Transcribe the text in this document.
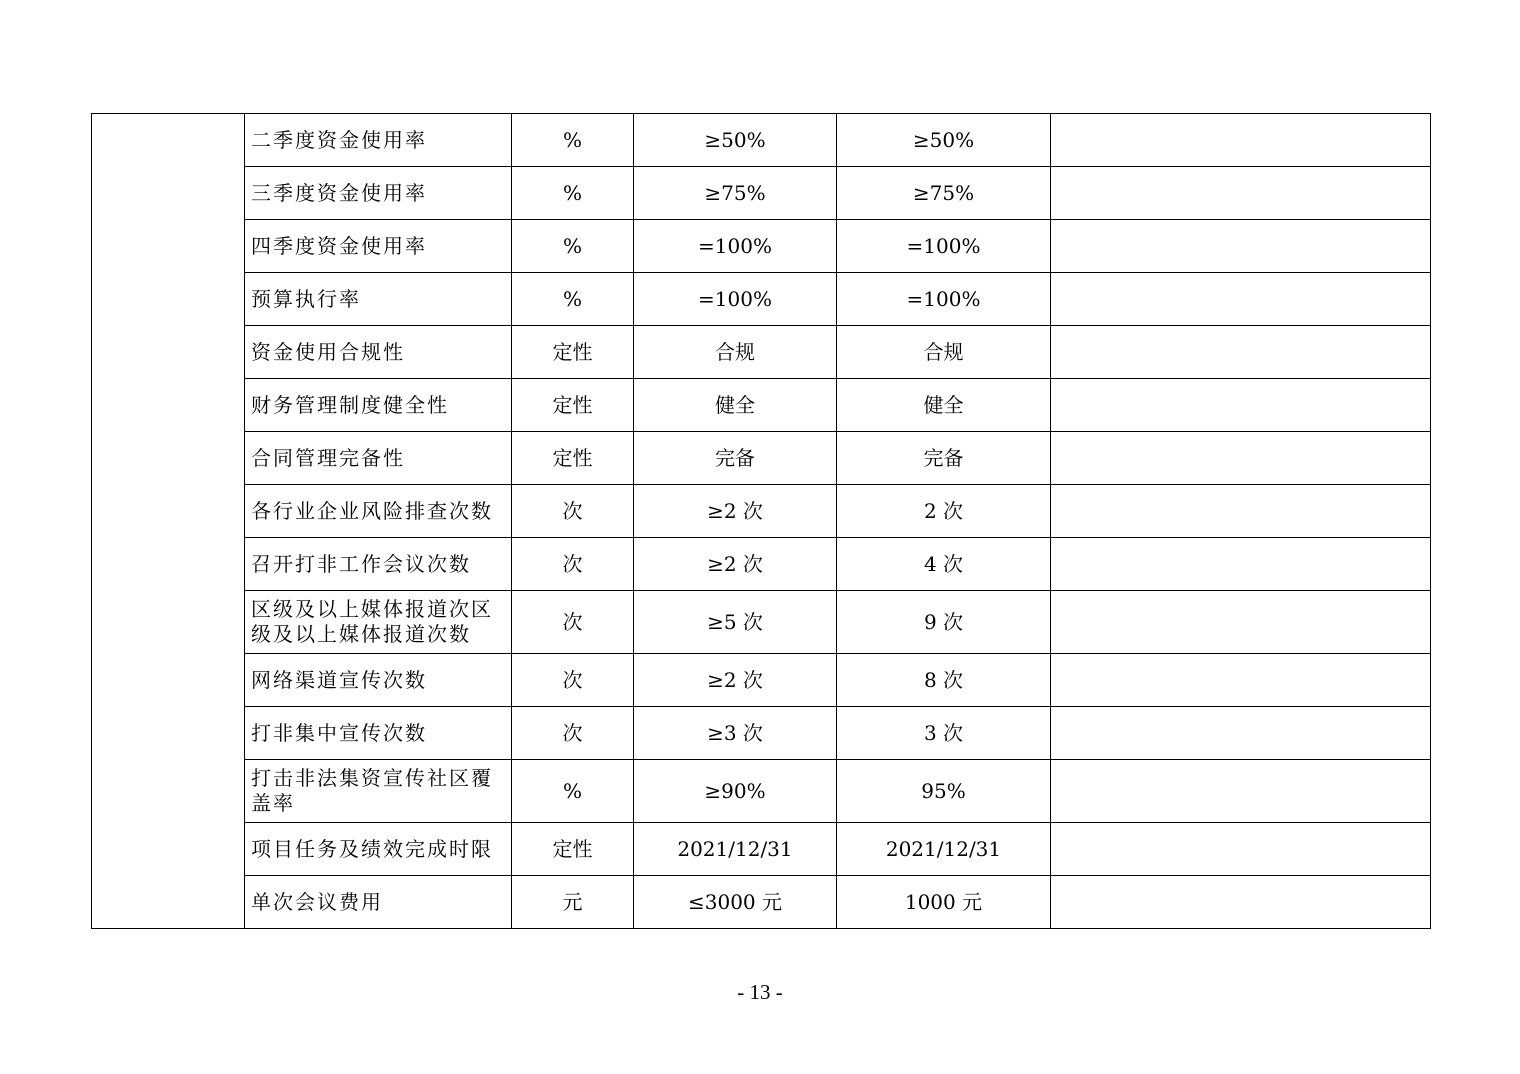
	二季度资金使用率	%	≥50%	≥50%	
	三季度资金使用率	%	≥75%	≥75%	
	四季度资金使用率	%	=100%	=100%	
	预算执行率	%	=100%	=100%	
	资金使用合规性	定性	合规	合规	
	财务管理制度健全性	定性	健全	健全	
	合同管理完备性	定性	完备	完备	
	各行业企业风险排查次数	次	≥2 次	2 次	
	召开打非工作会议次数	次	≥2 次	4 次	
	区级及以上媒体报道次区级及以上媒体报道次数	次	≥5 次	9 次	
	网络渠道宣传次数	次	≥2 次	8 次	
	打非集中宣传次数	次	≥3 次	3 次	
	打击非法集资宣传社区覆盖率	%	≥90%	95%	
	项目任务及绩效完成时限	定性	2021/12/31	2021/12/31	
	单次会议费用	元	≤3000 元	1000 元	
- 13 -
